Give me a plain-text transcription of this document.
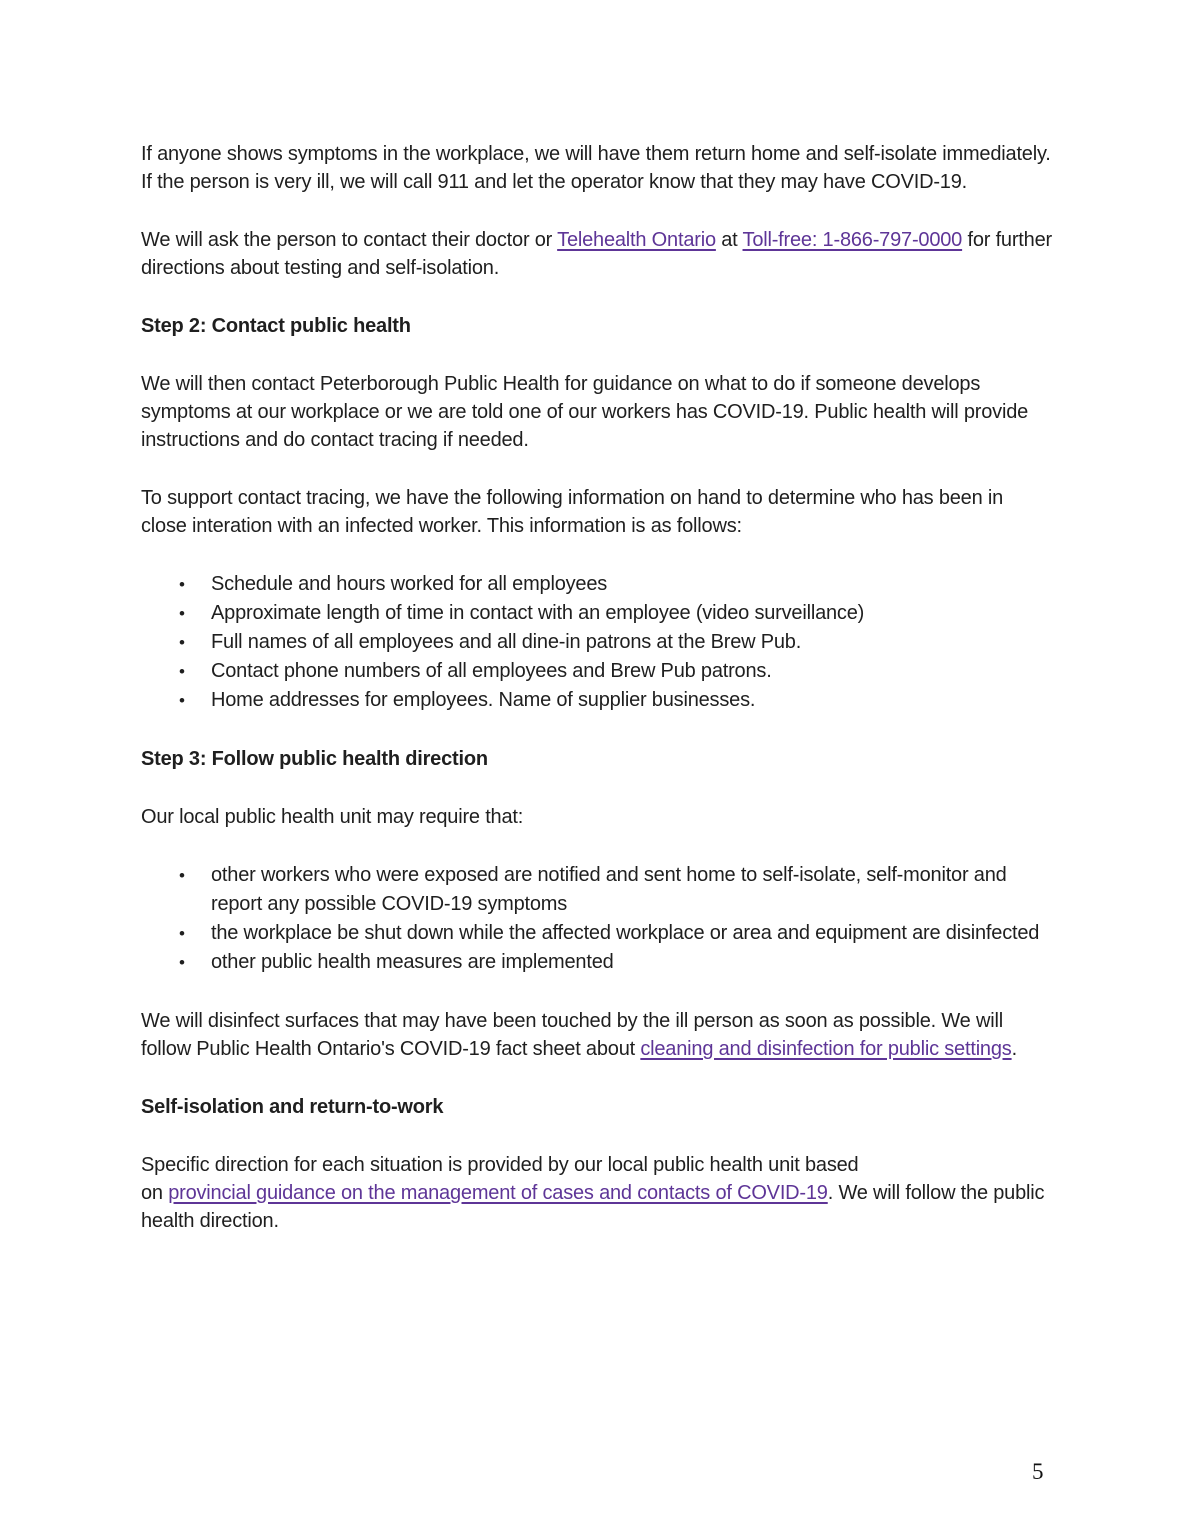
If anyone shows symptoms in the workplace, we will have them return home and self-isolate immediately. If the person is very ill, we will call 911 and let the operator know that they may have COVID-19.

We will ask the person to contact their doctor or Telehealth Ontario at Toll-free: 1-866-797-0000 for further directions about testing and self-isolation.

Step 2: Contact public health

We will then contact Peterborough Public Health for guidance on what to do if someone develops symptoms at our workplace or we are told one of our workers has COVID-19. Public health will provide instructions and do contact tracing if needed.

To support contact tracing, we have the following information on hand to determine who has been in close interation with an infected worker. This information is as follows:

•	Schedule and hours worked for all employees
•	Approximate length of time in contact with an employee (video surveillance)
•	Full names of all employees and all dine-in patrons at the Brew Pub.
•	Contact phone numbers of all employees and Brew Pub patrons.
•	Home addresses for employees. Name of supplier businesses.
Step 3: Follow public health direction

Our local public health unit may require that:

•	other workers who were exposed are notified and sent home to self-isolate, self-monitor and report any possible COVID-19 symptoms
•	the workplace be shut down while the affected workplace or area and equipment are disinfected
•	other public health measures are implemented

We will disinfect surfaces that may have been touched by the ill person as soon as possible. We will follow Public Health Ontario's COVID-19 fact sheet about cleaning and disinfection for public settings.

Self-isolation and return-to-work

Specific direction for each situation is provided by our local public health unit based
on provincial guidance on the management of cases and contacts of COVID-19. We will follow the public health direction.

5
